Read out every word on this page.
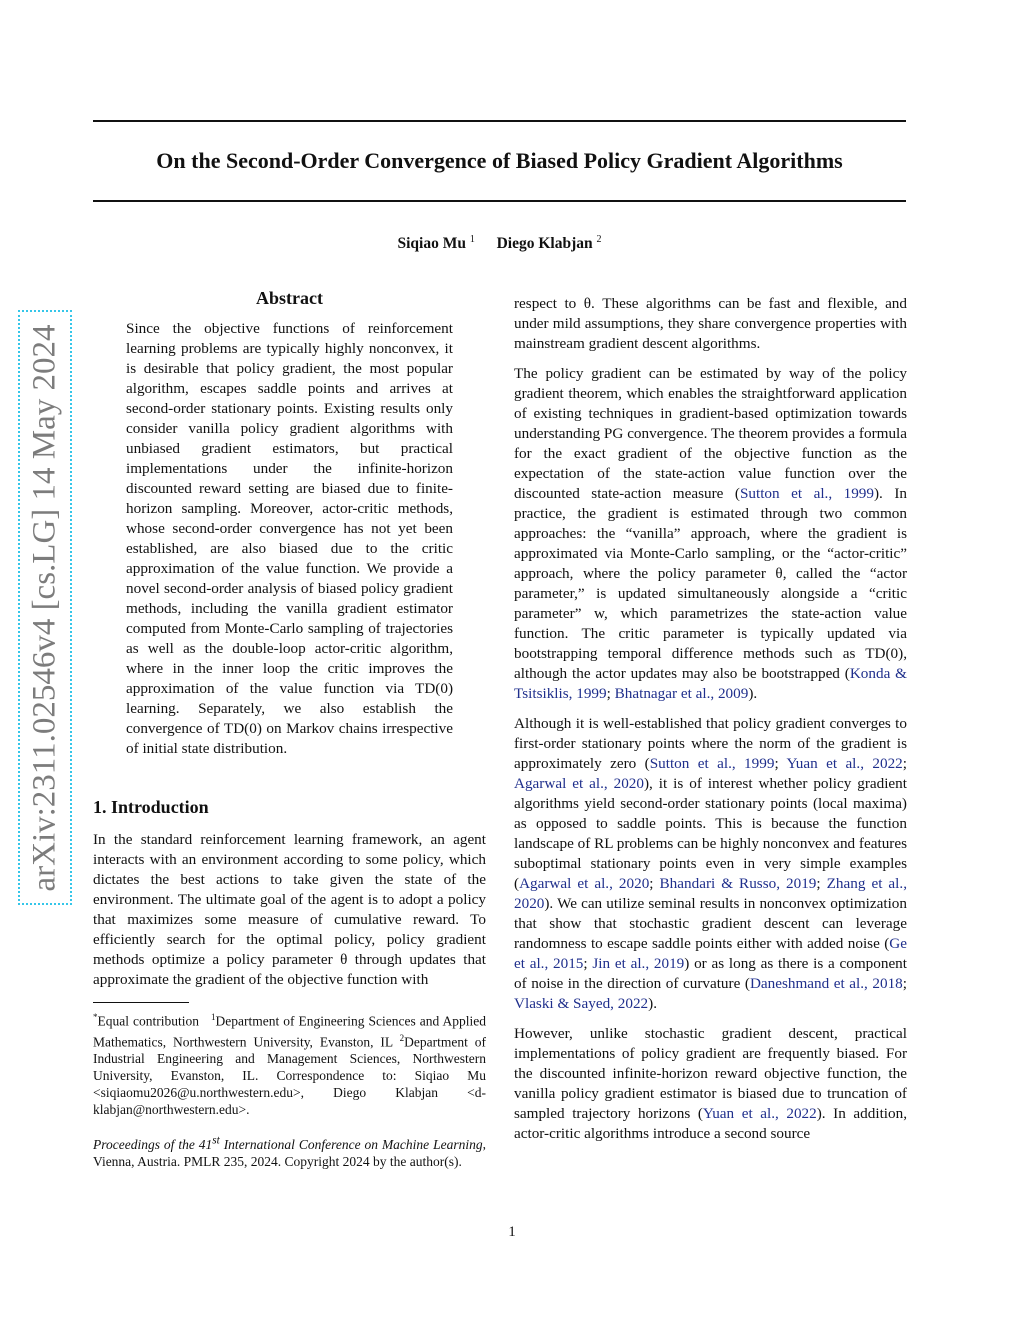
arXiv:2311.02546v4 [cs.LG] 14 May 2024
On the Second-Order Convergence of Biased Policy Gradient Algorithms
Siqiao Mu $^1$ Diego Klabjan $^2$
Abstract

Since the objective functions of reinforcement learning problems are typically highly nonconvex, it is desirable that policy gradient, the most popular algorithm, escapes saddle points and arrives at second-order stationary points. Existing results only consider vanilla policy gradient algorithms with unbiased gradient estimators, but practical implementations under the infinite-horizon discounted reward setting are biased due to finite-horizon sampling. Moreover, actor-critic methods, whose second-order convergence has not yet been established, are also biased due to the critic approximation of the value function. We provide a novel second-order analysis of biased policy gradient methods, including the vanilla gradient estimator computed from Monte-Carlo sampling of trajectories as well as the double-loop actor-critic algorithm, where in the inner loop the critic improves the approximation of the value function via TD(0) learning. Separately, we also establish the convergence of TD(0) on Markov chains irrespective of initial state distribution.

1. Introduction

In the standard reinforcement learning framework, an agent interacts with an environment according to some policy, which dictates the best actions to take given the state of the environment. The ultimate goal of the agent is to adopt a policy that maximizes some measure of cumulative reward. To efficiently search for the optimal policy, policy gradient methods optimize a policy parameter θ through updates that approximate the gradient of the objective function with

*Equal contribution $^1$Department of Engineering Sciences and Applied Mathematics, Northwestern University, Evanston, IL $^2$Department of Industrial Engineering and Management Sciences, Northwestern University, Evanston, IL. Correspondence to: Siqiao Mu <siqiaomu2026@u.northwestern.edu>, Diego Klabjan <d-klabjan@northwestern.edu>.

Proceedings of the 41st International Conference on Machine Learning, Vienna, Austria. PMLR 235, 2024. Copyright 2024 by the author(s).

respect to θ. These algorithms can be fast and flexible, and under mild assumptions, they share convergence properties with mainstream gradient descent algorithms.

The policy gradient can be estimated by way of the policy gradient theorem, which enables the straightforward application of existing techniques in gradient-based optimization towards understanding PG convergence. The theorem provides a formula for the exact gradient of the objective function as the expectation of the state-action value function over the discounted state-action measure (Sutton et al., 1999). In practice, the gradient is estimated through two common approaches: the “vanilla” approach, where the gradient is approximated via Monte-Carlo sampling, or the “actor-critic” approach, where the policy parameter θ, called the “actor parameter,” is updated simultaneously alongside a “critic parameter” w, which parametrizes the state-action value function. The critic parameter is typically updated via bootstrapping temporal difference methods such as TD(0), although the actor updates may also be bootstrapped (Konda & Tsitsiklis, 1999; Bhatnagar et al., 2009).

Although it is well-established that policy gradient converges to first-order stationary points where the norm of the gradient is approximately zero (Sutton et al., 1999; Yuan et al., 2022; Agarwal et al., 2020), it is of interest whether policy gradient algorithms yield second-order stationary points (local maxima) as opposed to saddle points. This is because the function landscape of RL problems can be highly nonconvex and features suboptimal stationary points even in very simple examples (Agarwal et al., 2020; Bhandari & Russo, 2019; Zhang et al., 2020). We can utilize seminal results in nonconvex optimization that show that stochastic gradient descent can leverage randomness to escape saddle points either with added noise (Ge et al., 2015; Jin et al., 2019) or as long as there is a component of noise in the direction of curvature (Daneshmand et al., 2018; Vlaski & Sayed, 2022).

However, unlike stochastic gradient descent, practical implementations of policy gradient are frequently biased. For the discounted infinite-horizon reward objective function, the vanilla policy gradient estimator is biased due to truncation of sampled trajectory horizons (Yuan et al., 2022). In addition, actor-critic algorithms introduce a second source

1
